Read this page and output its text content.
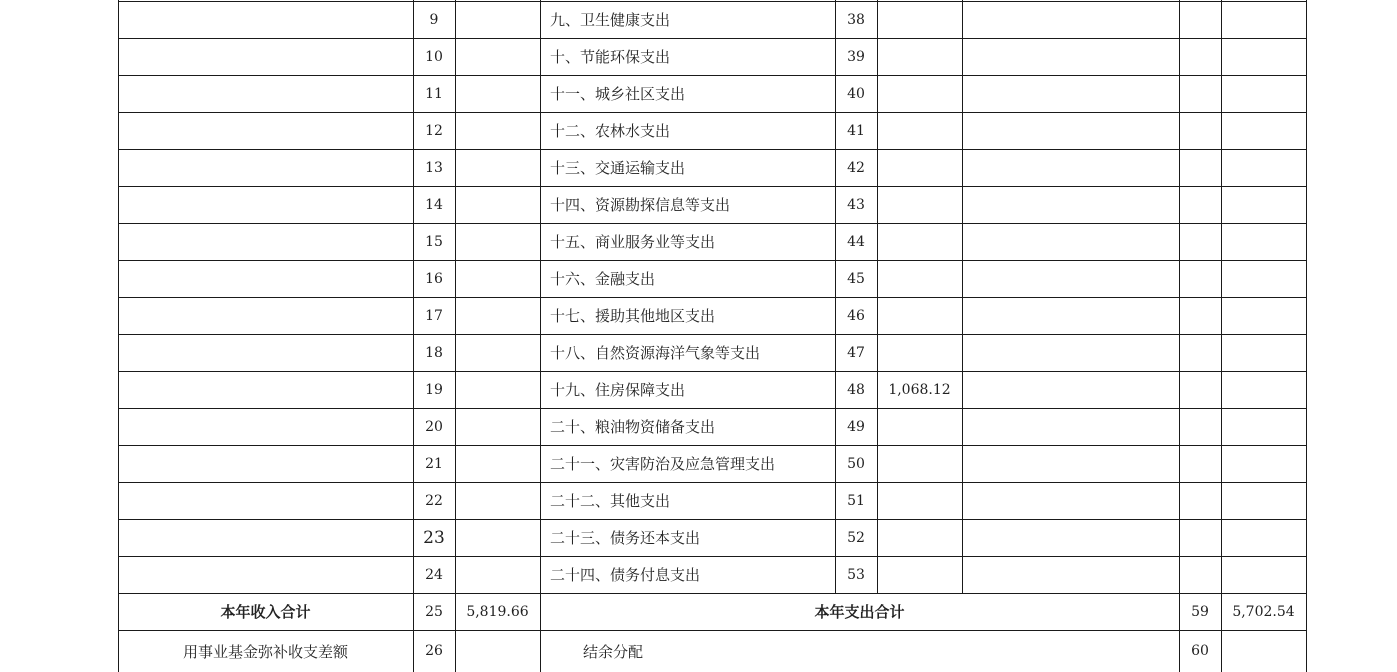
9	九、卫生健康支出	38
10	十、节能环保支出	39
11	十一、城乡社区支出	40
12	十二、农林水支出	41
13	十三、交通运输支出	42
14	十四、资源勘探信息等支出	43
15	十五、商业服务业等支出	44
16	十六、金融支出	45
17	十七、援助其他地区支出	46
18	十八、自然资源海洋气象等支出	47
19	十九、住房保障支出	48	1,068.12
20	二十、粮油物资储备支出	49
21	二十一、灾害防治及应急管理支出	50
22	二十二、其他支出	51
23	二十三、债务还本支出	52
24	二十四、债务付息支出	53
本年收入合计	25	5,819.66	本年支出合计	59	5,702.54
用事业基金弥补收支差额	26	结余分配	60
